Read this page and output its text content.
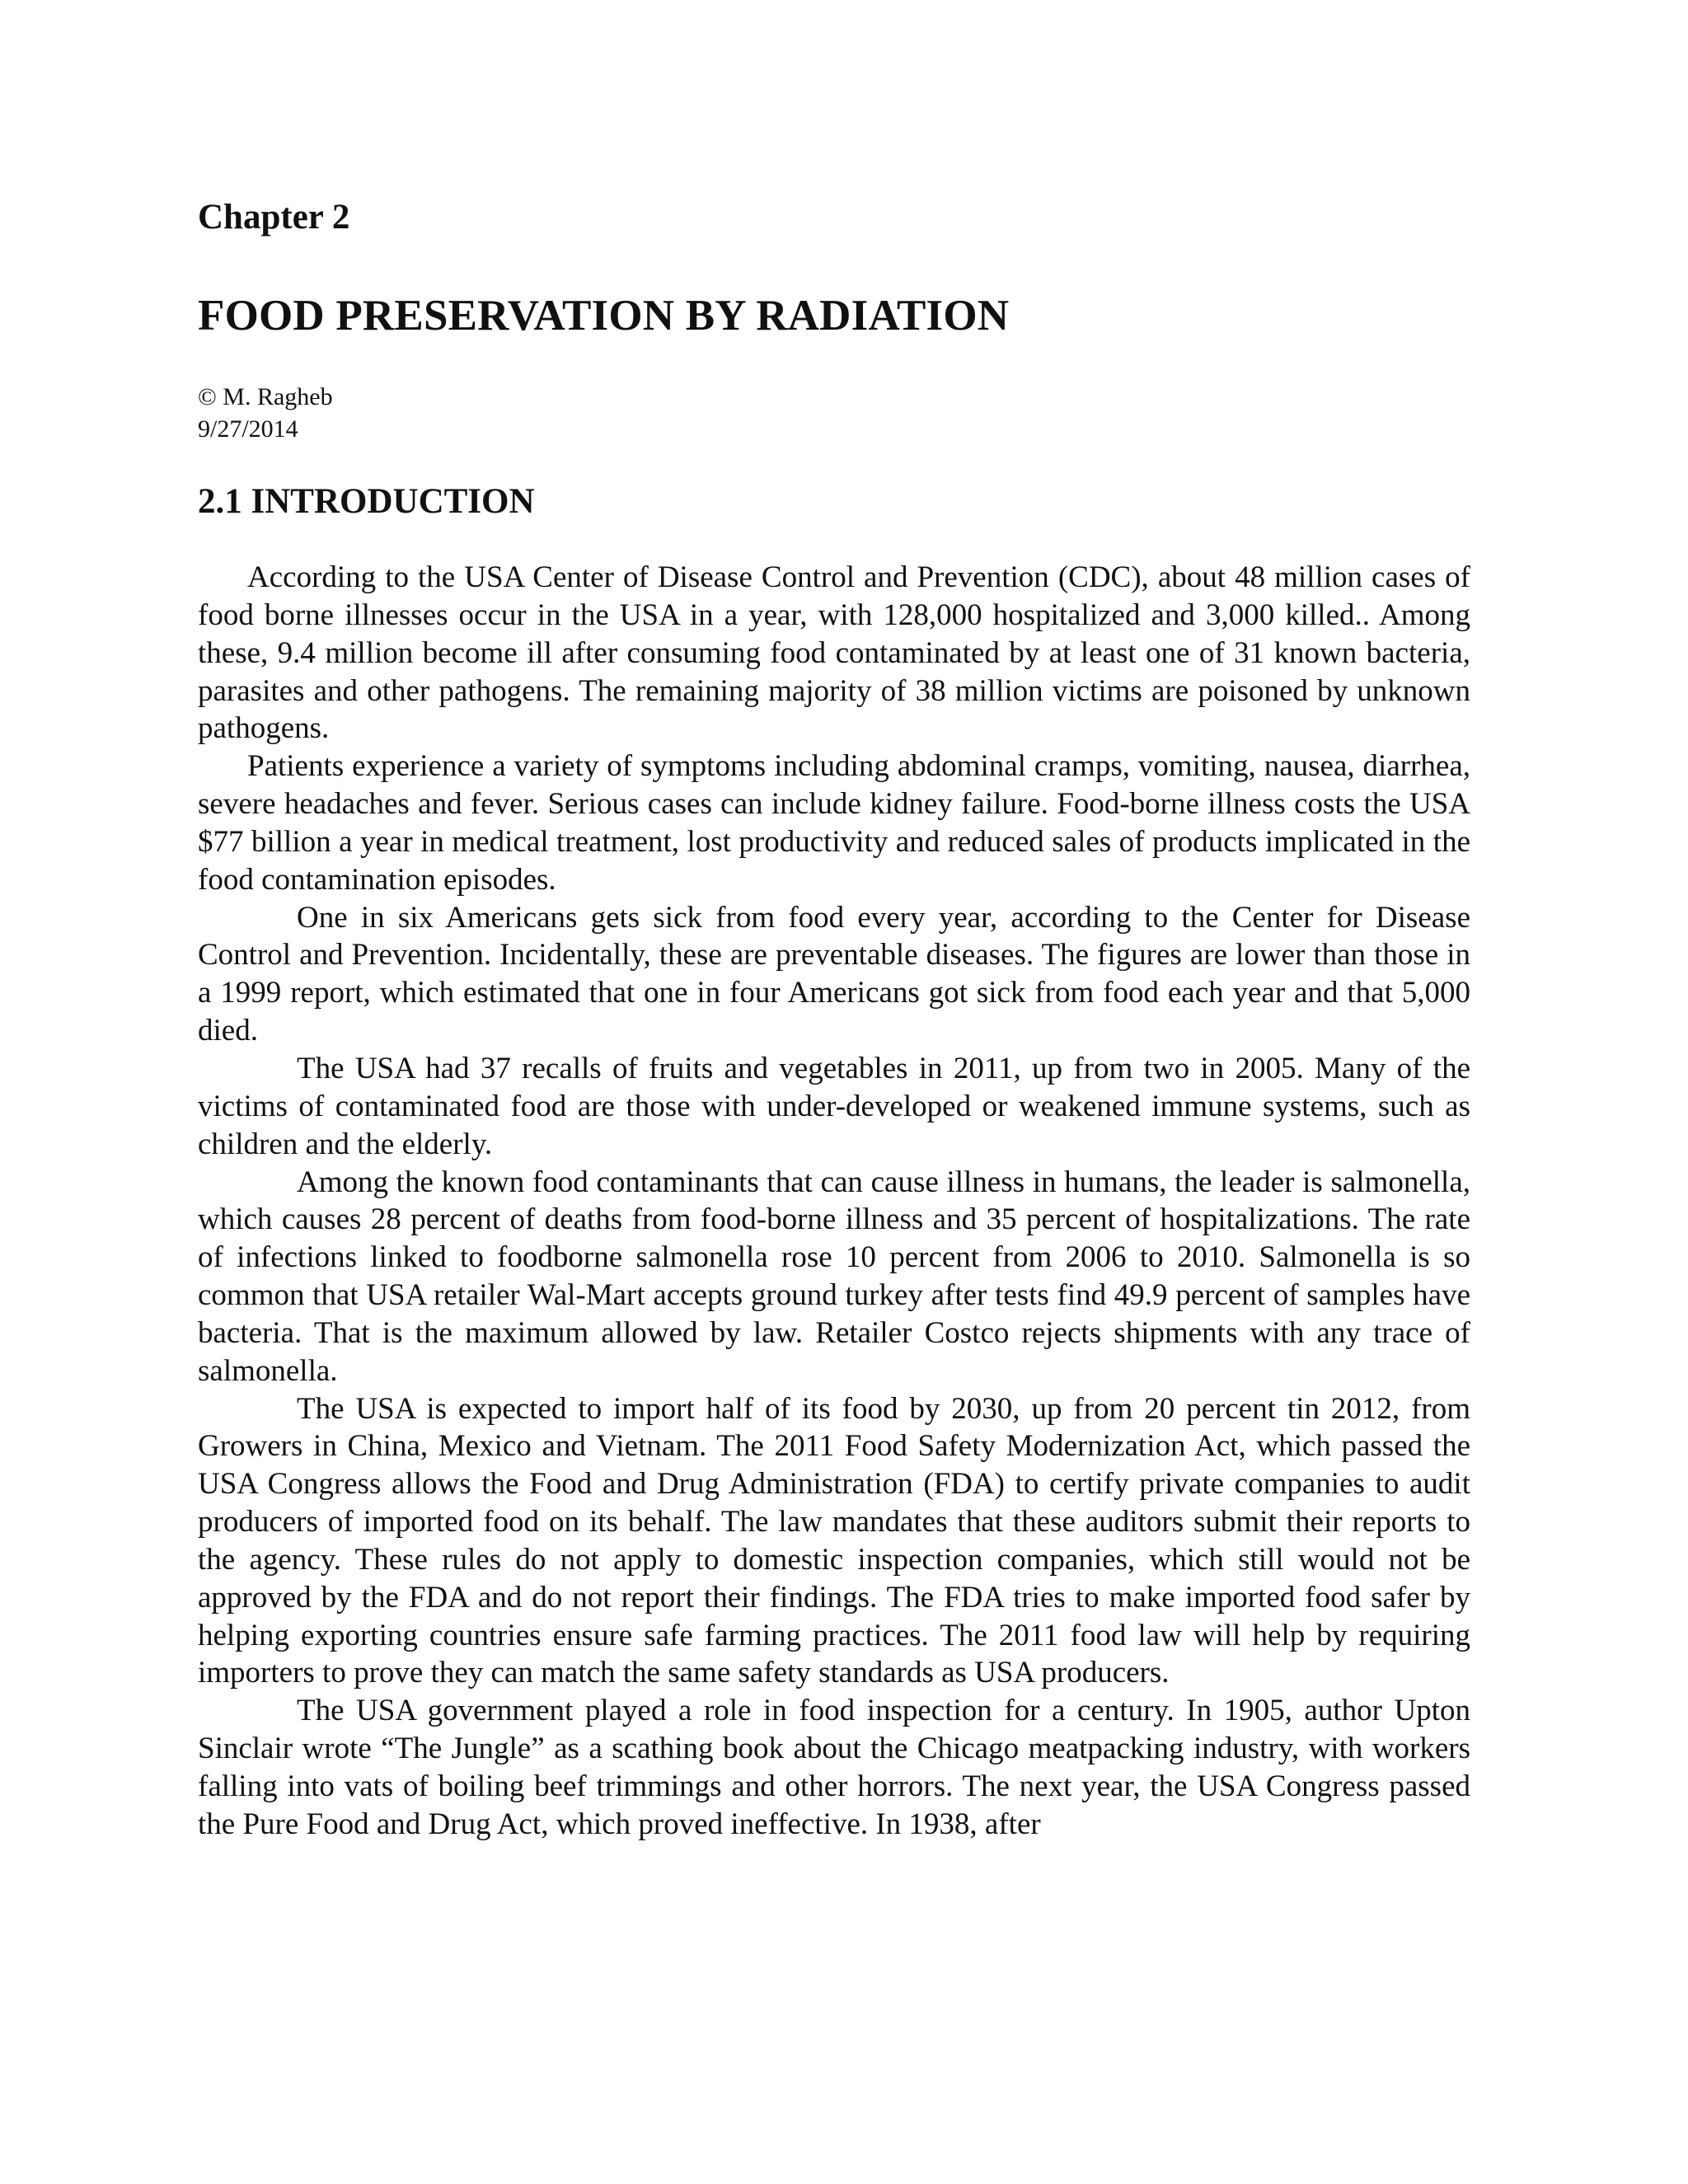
Chapter 2
FOOD PRESERVATION BY RADIATION
© M. Ragheb
9/27/2014
2.1 INTRODUCTION

According to the USA Center of Disease Control and Prevention (CDC), about 48 million cases of food borne illnesses occur in the USA in a year, with 128,000 hospitalized and 3,000 killed.. Among these, 9.4 million become ill after consuming food contaminated by at least one of 31 known bacteria, parasites and other pathogens. The remaining majority of 38 million victims are poisoned by unknown pathogens.

Patients experience a variety of symptoms including abdominal cramps, vomiting, nausea, diarrhea, severe headaches and fever. Serious cases can include kidney failure. Food-borne illness costs the USA $77 billion a year in medical treatment, lost productivity and reduced sales of products implicated in the food contamination episodes.

One in six Americans gets sick from food every year, according to the Center for Disease Control and Prevention. Incidentally, these are preventable diseases. The figures are lower than those in a 1999 report, which estimated that one in four Americans got sick from food each year and that 5,000 died.

The USA had 37 recalls of fruits and vegetables in 2011, up from two in 2005. Many of the victims of contaminated food are those with under-developed or weakened immune systems, such as children and the elderly.

Among the known food contaminants that can cause illness in humans, the leader is salmonella, which causes 28 percent of deaths from food-borne illness and 35 percent of hospitalizations. The rate of infections linked to foodborne salmonella rose 10 percent from 2006 to 2010. Salmonella is so common that USA retailer Wal-Mart accepts ground turkey after tests find 49.9 percent of samples have bacteria. That is the maximum allowed by law. Retailer Costco rejects shipments with any trace of salmonella.

The USA is expected to import half of its food by 2030, up from 20 percent tin 2012, from Growers in China, Mexico and Vietnam. The 2011 Food Safety Modernization Act, which passed the USA Congress allows the Food and Drug Administration (FDA) to certify private companies to audit producers of imported food on its behalf. The law mandates that these auditors submit their reports to the agency. These rules do not apply to domestic inspection companies, which still would not be approved by the FDA and do not report their findings. The FDA tries to make imported food safer by helping exporting countries ensure safe farming practices. The 2011 food law will help by requiring importers to prove they can match the same safety standards as USA producers.

The USA government played a role in food inspection for a century. In 1905, author Upton Sinclair wrote “The Jungle” as a scathing book about the Chicago meatpacking industry, with workers falling into vats of boiling beef trimmings and other horrors. The next year, the USA Congress passed the Pure Food and Drug Act, which proved ineffective. In 1938, after
